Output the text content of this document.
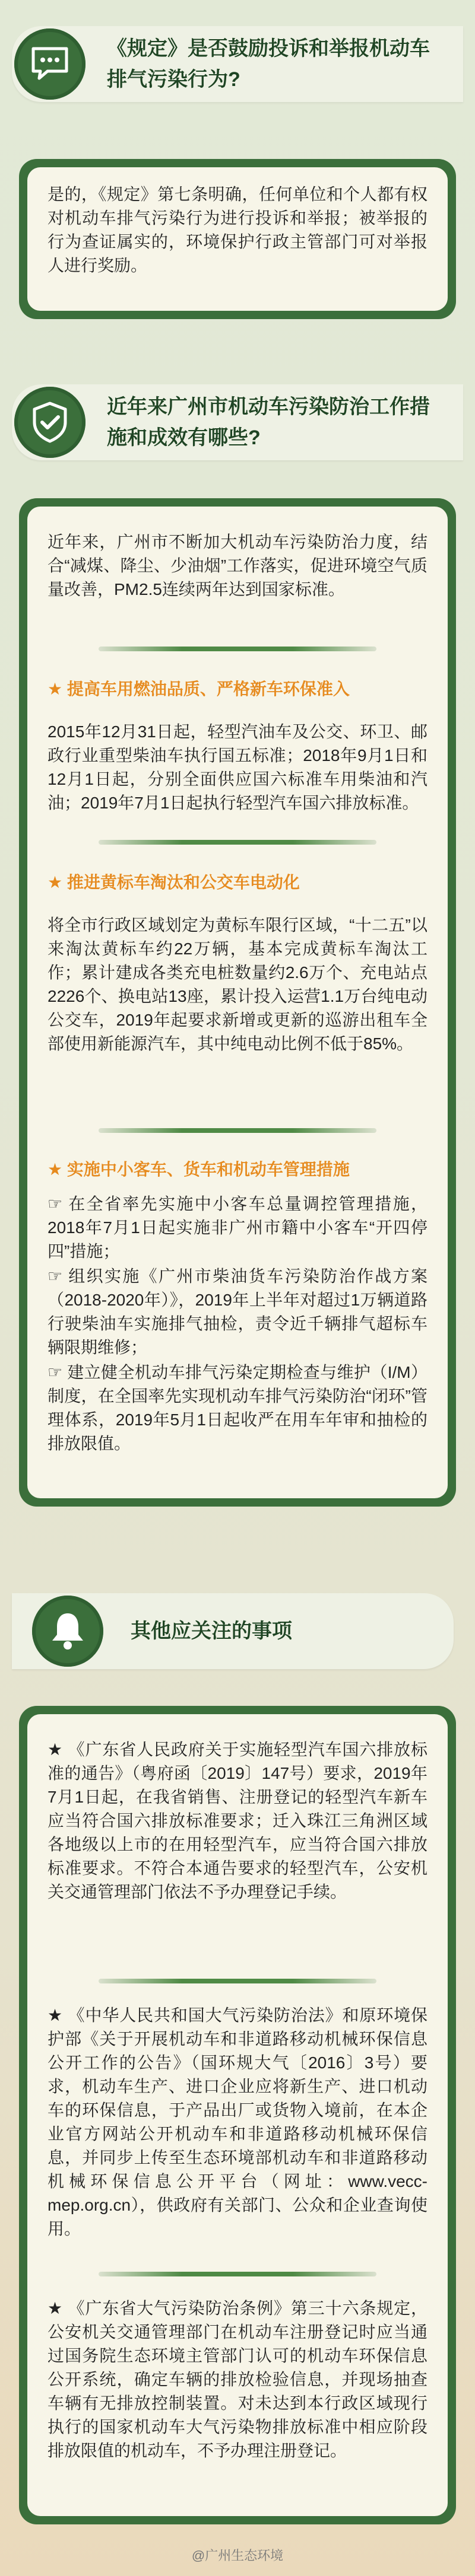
《规定》是否鼓励投诉和举报机动车
排气污染行为?

是的，《规定》第七条明确，任何单位和个人都有权对机动车排气污染行为进行投诉和举报；被举报的行为查证属实的，环境保护行政主管部门可对举报人进行奖励。

近年来广州市机动车污染防治工作措
施和成效有哪些?

近年来，广州市不断加大机动车污染防治力度，结合“减煤、降尘、少油烟”工作落实，促进环境空气质量改善，PM2.5连续两年达到国家标准。

★ 提高车用燃油品质、严格新车环保准入

2015年12月31日起，轻型汽油车及公交、环卫、邮政行业重型柴油车执行国五标准；2018年9月1日和12月1日起，分别全面供应国六标准车用柴油和汽油；2019年7月1日起执行轻型汽车国六排放标准。

★ 推进黄标车淘汰和公交车电动化

将全市行政区域划定为黄标车限行区域，“十二五”以来淘汰黄标车约22万辆，基本完成黄标车淘汰工作；累计建成各类充电桩数量约2.6万个、充电站点2226个、换电站13座，累计投入运营1.1万台纯电动公交车，2019年起要求新增或更新的巡游出租车全部使用新能源汽车，其中纯电动比例不低于85%。

★ 实施中小客车、货车和机动车管理措施

☞ 在全省率先实施中小客车总量调控管理措施，2018年7月1日起实施非广州市籍中小客车“开四停四”措施；

☞ 组织实施《广州市柴油货车污染防治作战方案（2018-2020年）》，2019年上半年对超过1万辆道路行驶柴油车实施排气抽检，责令近千辆排气超标车辆限期维修；

☞ 建立健全机动车排气污染定期检查与维护（I/M）制度，在全国率先实现机动车排气污染防治“闭环”管理体系，2019年5月1日起收严在用车年审和抽检的排放限值。

其他应关注的事项

★ 《广东省人民政府关于实施轻型汽车国六排放标准的通告》（粤府函〔2019〕147号）要求，2019年7月1日起，在我省销售、注册登记的轻型汽车新车应当符合国六排放标准要求；迁入珠江三角洲区域各地级以上市的在用轻型汽车，应当符合国六排放标准要求。不符合本通告要求的轻型汽车，公安机关交通管理部门依法不予办理登记手续。

★ 《中华人民共和国大气污染防治法》和原环境保护部《关于开展机动车和非道路移动机械环保信息公开工作的公告》（国环规大气〔2016〕3号）要求，机动车生产、进口企业应将新生产、进口机动车的环保信息，于产品出厂或货物入境前，在本企业官方网站公开机动车和非道路移动机械环保信息，并同步上传至生态环境部机动车和非道路移动机械环保信息公开平台（网址：www.vecc-mep.org.cn），供政府有关部门、公众和企业查询使用。

★ 《广东省大气污染防治条例》第三十六条规定，公安机关交通管理部门在机动车注册登记时应当通过国务院生态环境主管部门认可的机动车环保信息公开系统，确定车辆的排放检验信息，并现场抽查车辆有无排放控制装置。对未达到本行政区域现行执行的国家机动车大气污染物排放标准中相应阶段排放限值的机动车，不予办理注册登记。

@广州生态环境
